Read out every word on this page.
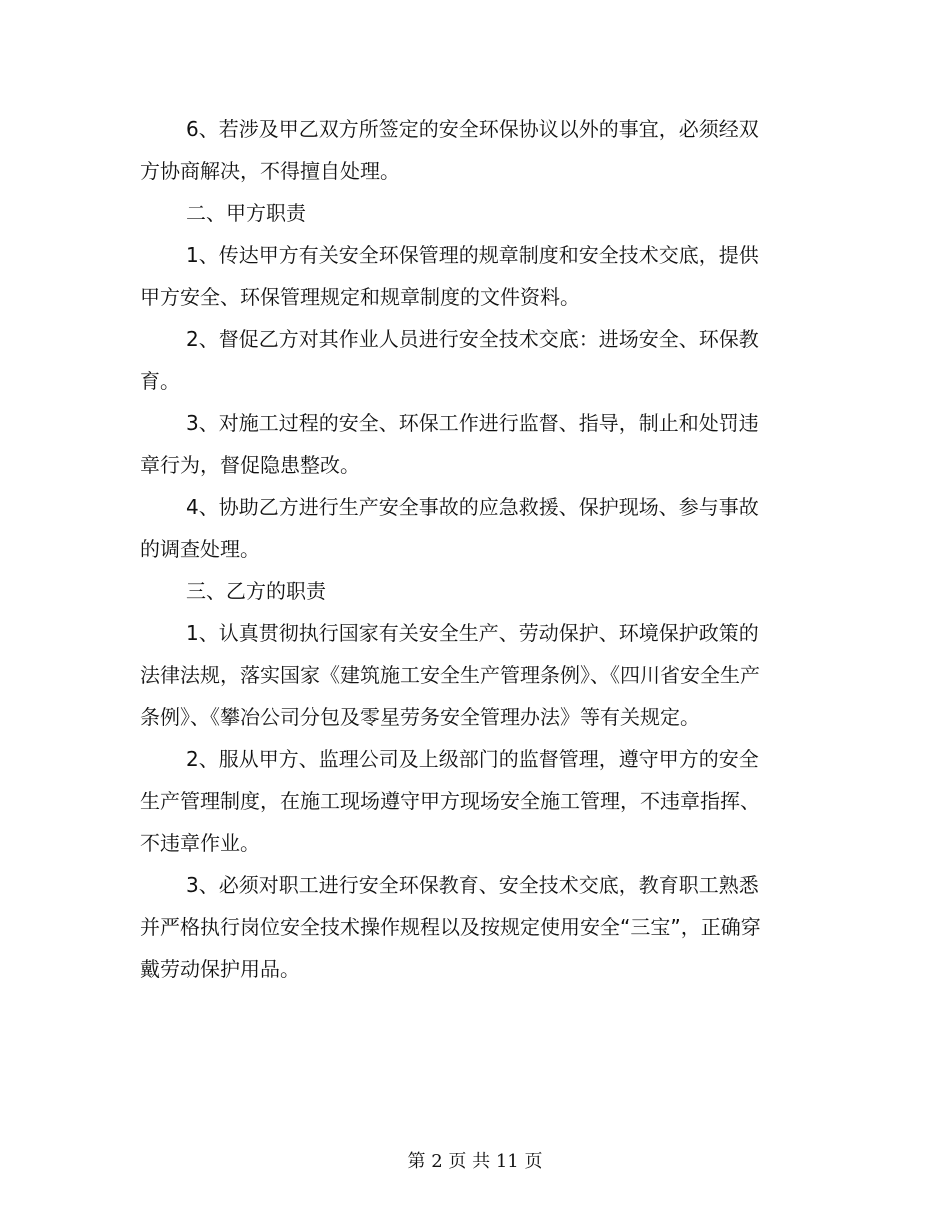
6、若涉及甲乙双方所签定的安全环保协议以外的事宜，必须经双方协商解决，不得擅自处理。

二、甲方职责

1、传达甲方有关安全环保管理的规章制度和安全技术交底，提供甲方安全、环保管理规定和规章制度的文件资料。

2、督促乙方对其作业人员进行安全技术交底：进场安全、环保教育。

3、对施工过程的安全、环保工作进行监督、指导，制止和处罚违章行为，督促隐患整改。

4、协助乙方进行生产安全事故的应急救援、保护现场、参与事故的调查处理。

三、乙方的职责

1、认真贯彻执行国家有关安全生产、劳动保护、环境保护政策的法律法规，落实国家《建筑施工安全生产管理条例》、《四川省安全生产条例》、《攀冶公司分包及零星劳务安全管理办法》等有关规定。

2、服从甲方、监理公司及上级部门的监督管理，遵守甲方的安全生产管理制度，在施工现场遵守甲方现场安全施工管理，不违章指挥、不违章作业。

3、必须对职工进行安全环保教育、安全技术交底，教育职工熟悉并严格执行岗位安全技术操作规程以及按规定使用安全“三宝”，正确穿戴劳动保护用品。

第 2 页 共 11 页
